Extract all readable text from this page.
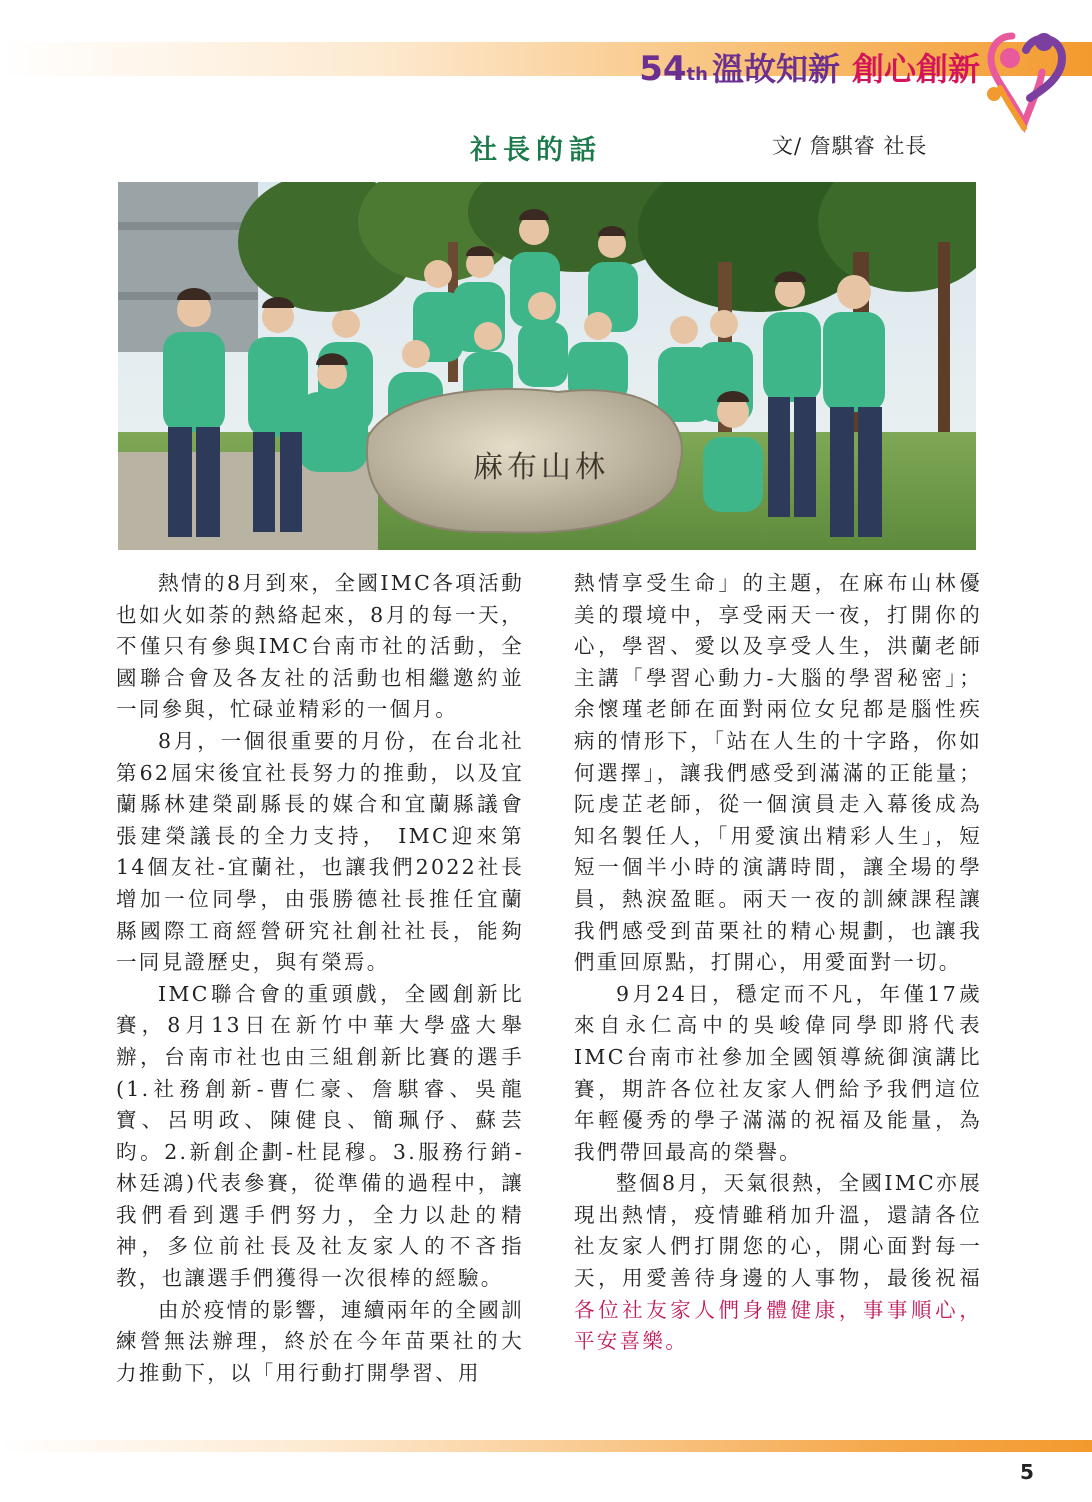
54 th 溫故知新 創心創新
社長的話	文/ 詹騏睿 社長
麻布山林

熱情的8月到來，全國IMC各項活動也如火如荼的熱絡起來，8月的每一天，不僅只有參與IMC台南市社的活動，全國聯合會及各友社的活動也相繼邀約並一同參與，忙碌並精彩的一個月。

8月，一個很重要的月份，在台北社第62屆宋後宜社長努力的推動，以及宜蘭縣林建榮副縣長的媒合和宜蘭縣議會張建榮議長的全力支持， IMC迎來第14個友社-宜蘭社，也讓我們2022社長增加一位同學，由張勝德社長推任宜蘭縣國際工商經營研究社創社社長，能夠一同見證歷史，與有榮焉。

IMC聯合會的重頭戲，全國創新比賽，8月13日在新竹中華大學盛大舉辦，台南市社也由三組創新比賽的選手(1.社務創新-曹仁豪、詹騏睿、吳龍寶、呂明政、陳健良、簡珮伃、蘇芸昀。2.新創企劃-杜昆穆。3.服務行銷-林廷鴻)代表參賽，從準備的過程中，讓我們看到選手們努力，全力以赴的精神，多位前社長及社友家人的不吝指教，也讓選手們獲得一次很棒的經驗。

由於疫情的影響，連續兩年的全國訓練營無法辦理，終於在今年苗栗社的大力推動下，以「用行動打開學習、用

熱情享受生命」的主題，在麻布山林優美的環境中，享受兩天一夜，打開你的心，學習、愛以及享受人生，洪蘭老師主講「學習心動力-大腦的學習秘密」；余懷瑾老師在面對兩位女兒都是腦性疾病的情形下，「站在人生的十字路，你如何選擇」，讓我們感受到滿滿的正能量；阮虔芷老師，從一個演員走入幕後成為知名製任人，「用愛演出精彩人生」，短短一個半小時的演講時間，讓全場的學員，熱淚盈眶。兩天一夜的訓練課程讓我們感受到苗栗社的精心規劃，也讓我們重回原點，打開心，用愛面對一切。

9月24日，穩定而不凡，年僅17歲來自永仁高中的吳峻偉同學即將代表IMC台南市社參加全國領導統御演講比賽，期許各位社友家人們給予我們這位年輕優秀的學子滿滿的祝福及能量，為我們帶回最高的榮譽。

整個8月，天氣很熱，全國IMC亦展現出熱情，疫情雖稍加升溫，還請各位社友家人們打開您的心，開心面對每一天，用愛善待身邊的人事物，最後祝福各位社友家人們身體健康，事事順心，平安喜樂。

5
